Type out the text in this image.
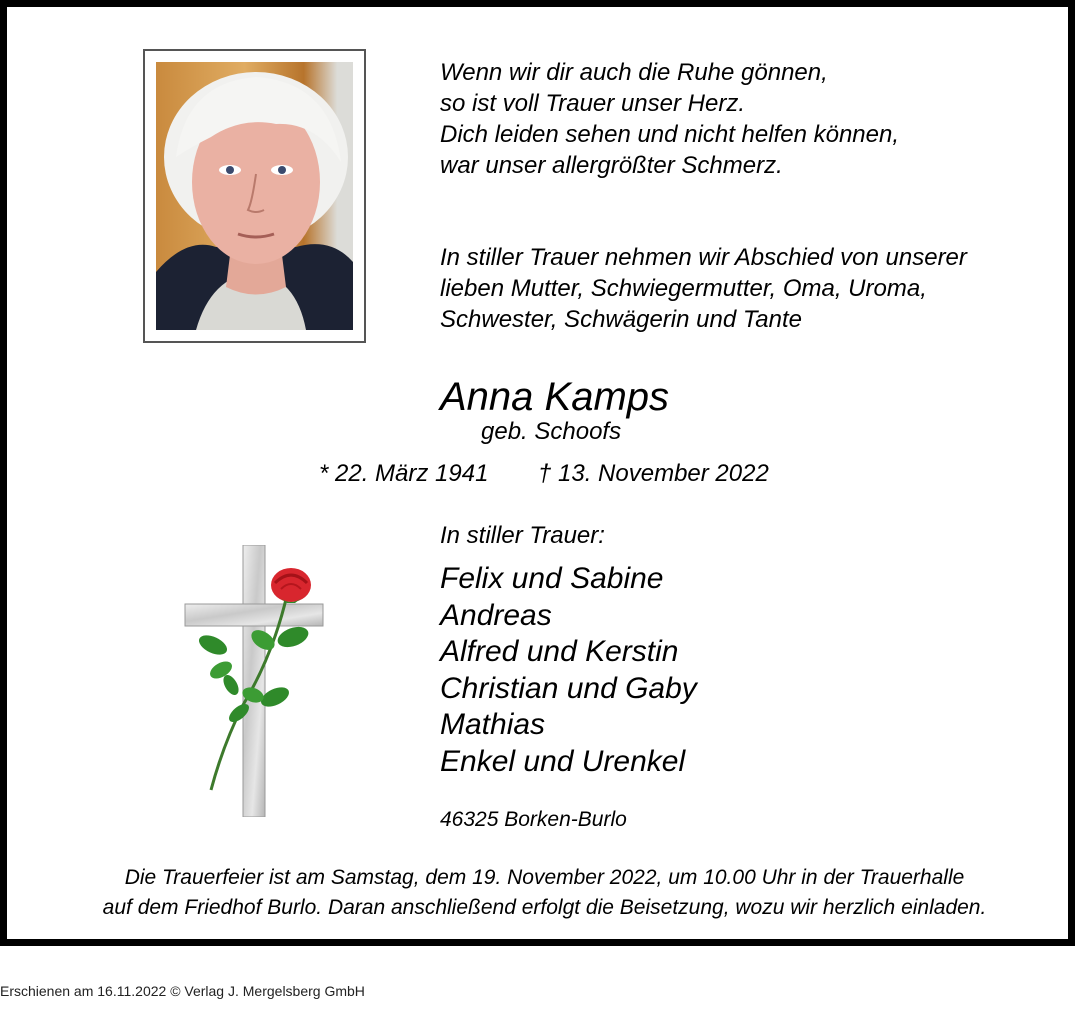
Wenn wir dir auch die Ruhe gönnen,
so ist voll Trauer unser Herz.
Dich leiden sehen und nicht helfen können,
war unser allergrößter Schmerz.
In stiller Trauer nehmen wir Abschied von unserer
lieben Mutter, Schwiegermutter, Oma, Uroma,
Schwester, Schwägerin und Tante
Anna Kamps
geb. Schoofs
* 22. März 1941 † 13. November 2022
In stiller Trauer:
Felix und Sabine
Andreas
Alfred und Kerstin
Christian und Gaby
Mathias
Enkel und Urenkel
46325 Borken-Burlo
Die Trauerfeier ist am Samstag, dem 19. November 2022, um 10.00 Uhr in der Trauerhalle
auf dem Friedhof Burlo. Daran anschließend erfolgt die Beisetzung, wozu wir herzlich einladen.
Erschienen am 16.11.2022 © Verlag J. Mergelsberg GmbH
